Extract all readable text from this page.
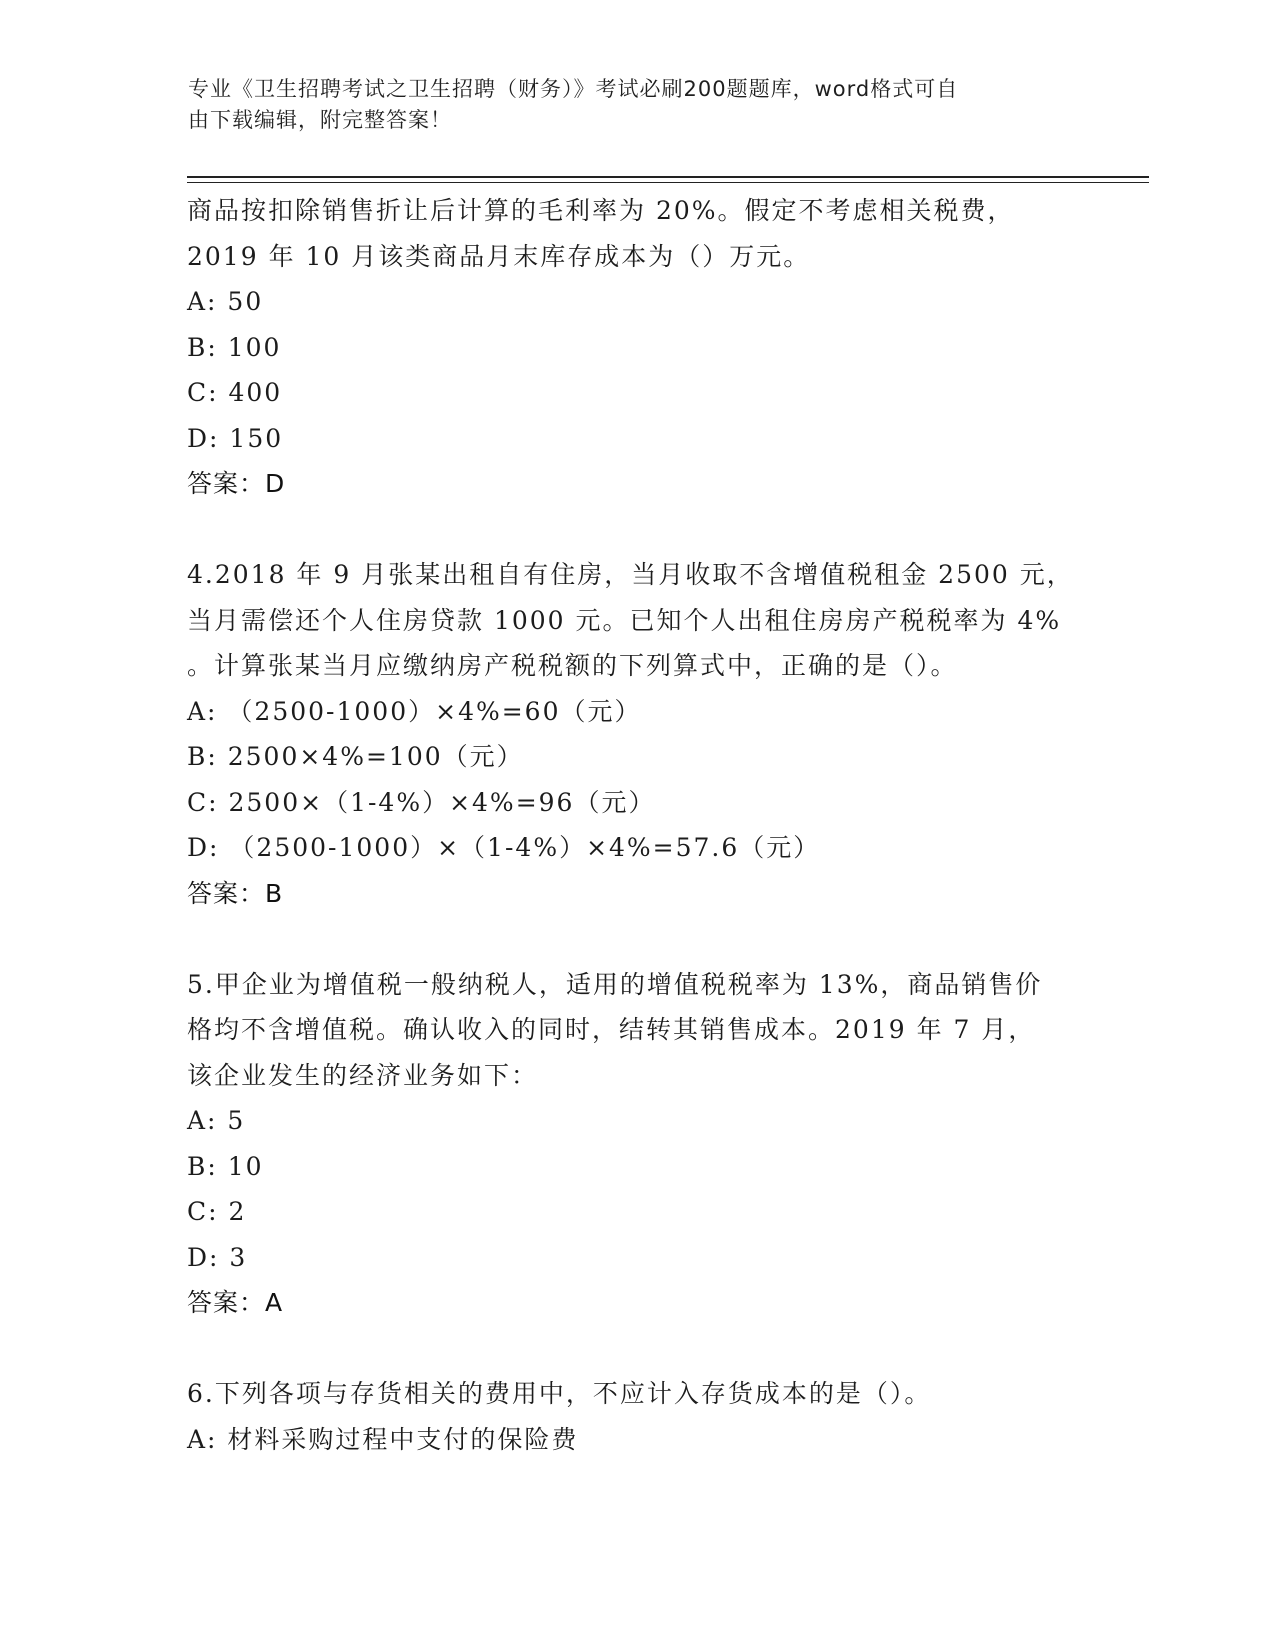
专业《卫生招聘考试之卫生招聘（财务）》考试必刷200题题库，word格式可自
由下载编辑，附完整答案！
商品按扣除销售折让后计算的毛利率为 20%。假定不考虑相关税费，
2019 年 10 月该类商品月末库存成本为（）万元。
A: 50
B: 100
C: 400
D: 150
答案：D
4.2018 年 9 月张某出租自有住房，当月收取不含增值税租金 2500 元，
当月需偿还个人住房贷款 1000 元。已知个人出租住房房产税税率为 4%
。计算张某当月应缴纳房产税税额的下列算式中，正确的是（）。
A: （2500-1000）×4%=60（元）
B: 2500×4%=100（元）
C: 2500×（1-4%）×4%=96（元）
D: （2500-1000）×（1-4%）×4%=57.6（元）
答案：B
5.甲企业为增值税一般纳税人，适用的增值税税率为 13%，商品销售价
格均不含增值税。确认收入的同时，结转其销售成本。2019 年 7 月，
该企业发生的经济业务如下：
A: 5
B: 10
C: 2
D: 3
答案：A
6.下列各项与存货相关的费用中，不应计入存货成本的是（）。
A: 材料采购过程中支付的保险费
